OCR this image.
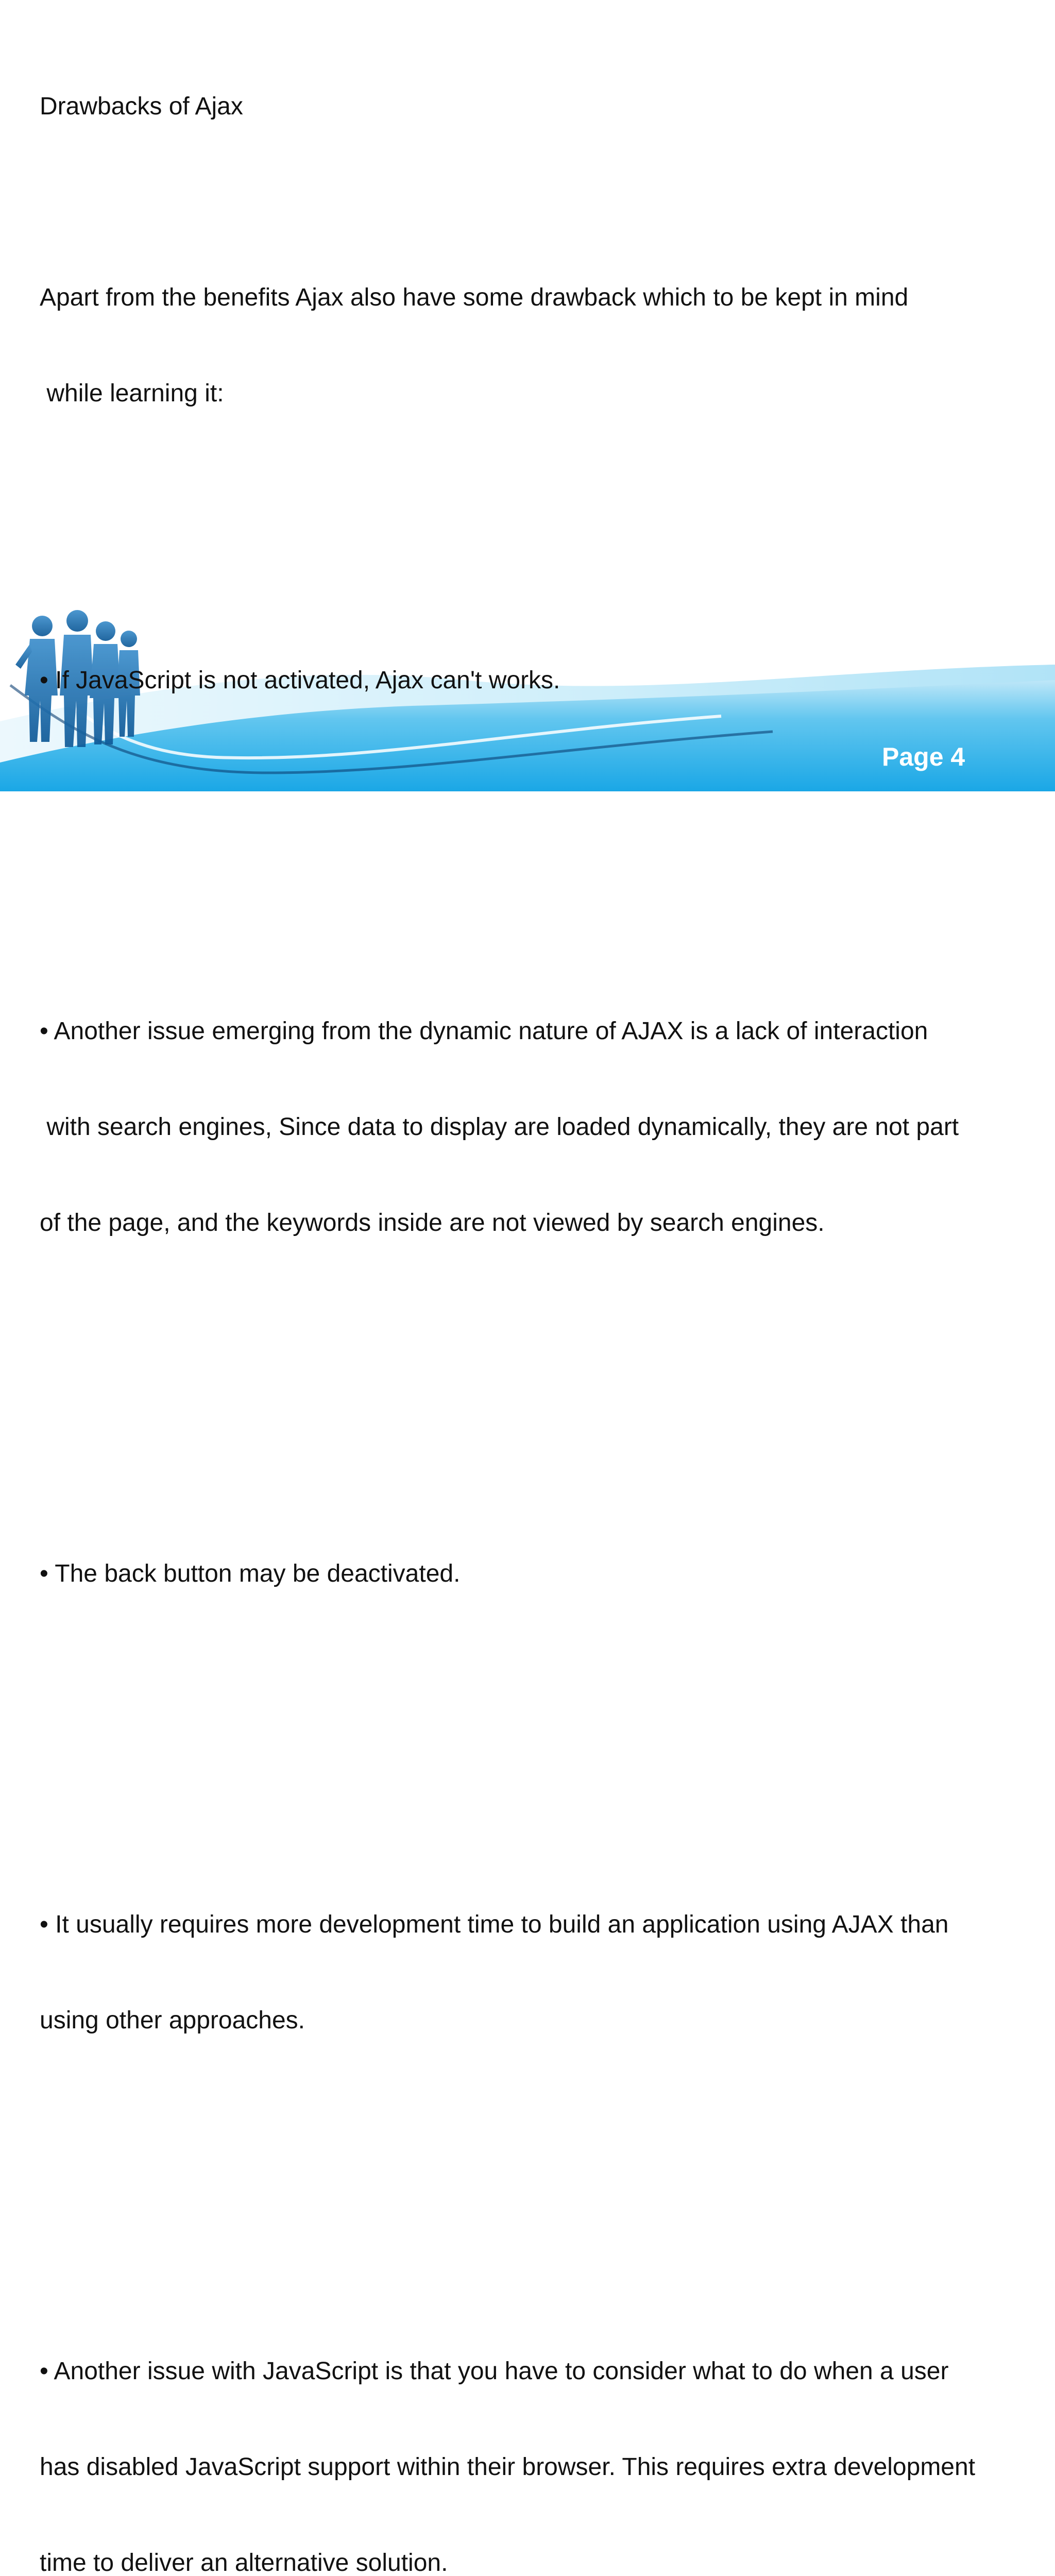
Drawbacks of Ajax

Apart from the benefits Ajax also have some drawback which to be kept in mind

while learning it:

• If JavaScript is not activated, Ajax can't works.

• Another issue emerging from the dynamic nature of AJAX is a lack of interaction

with search engines, Since data to display are loaded dynamically, they are not part

of the page, and the keywords inside are not viewed by search engines.

• The back button may be deactivated.

• It usually requires more development time to build an application using AJAX than

using other approaches.

• Another issue with JavaScript is that you have to consider what to do when a user

has disabled JavaScript support within their browser. This requires extra development

time to deliver an alternative solution.

Page 4
